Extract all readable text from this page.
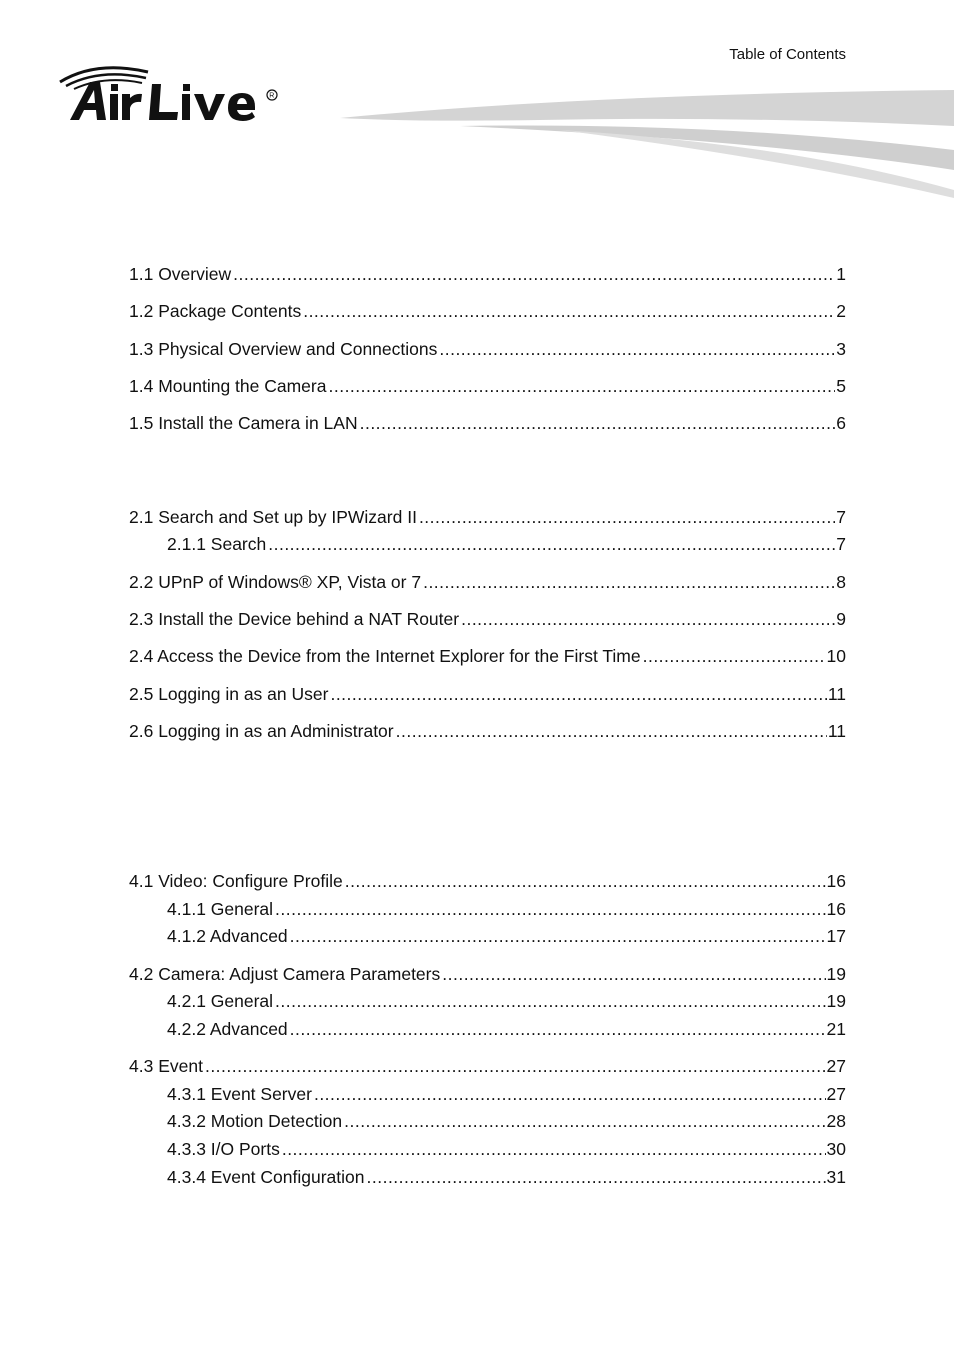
Table of Contents
R
1.1 Overview .....	1
1.2 Package Contents .....	2
1.3 Physical Overview and Connections .....	3
1.4 Mounting the Camera .....	5
1.5 Install the Camera in LAN .....	6
2.1 Search and Set up by IPWizard II .....	7
2.1.1 Search .....	7
2.2 UPnP of Windows® XP, Vista or 7 .....	8
2.3 Install the Device behind a NAT Router .....	9
2.4 Access the Device from the Internet Explorer for the First Time .....	10
2.5 Logging in as an User .....	11
2.6 Logging in as an Administrator .....	11
4.1 Video: Configure Profile .....	16
4.1.1 General .....	16
4.1.2 Advanced .....	17
4.2 Camera: Adjust Camera Parameters .....	19
4.2.1 General .....	19
4.2.2 Advanced .....	21
4.3 Event .....	27
4.3.1 Event Server .....	27
4.3.2 Motion Detection .....	28
4.3.3 I/O Ports .....	30
4.3.4 Event Configuration .....	31
